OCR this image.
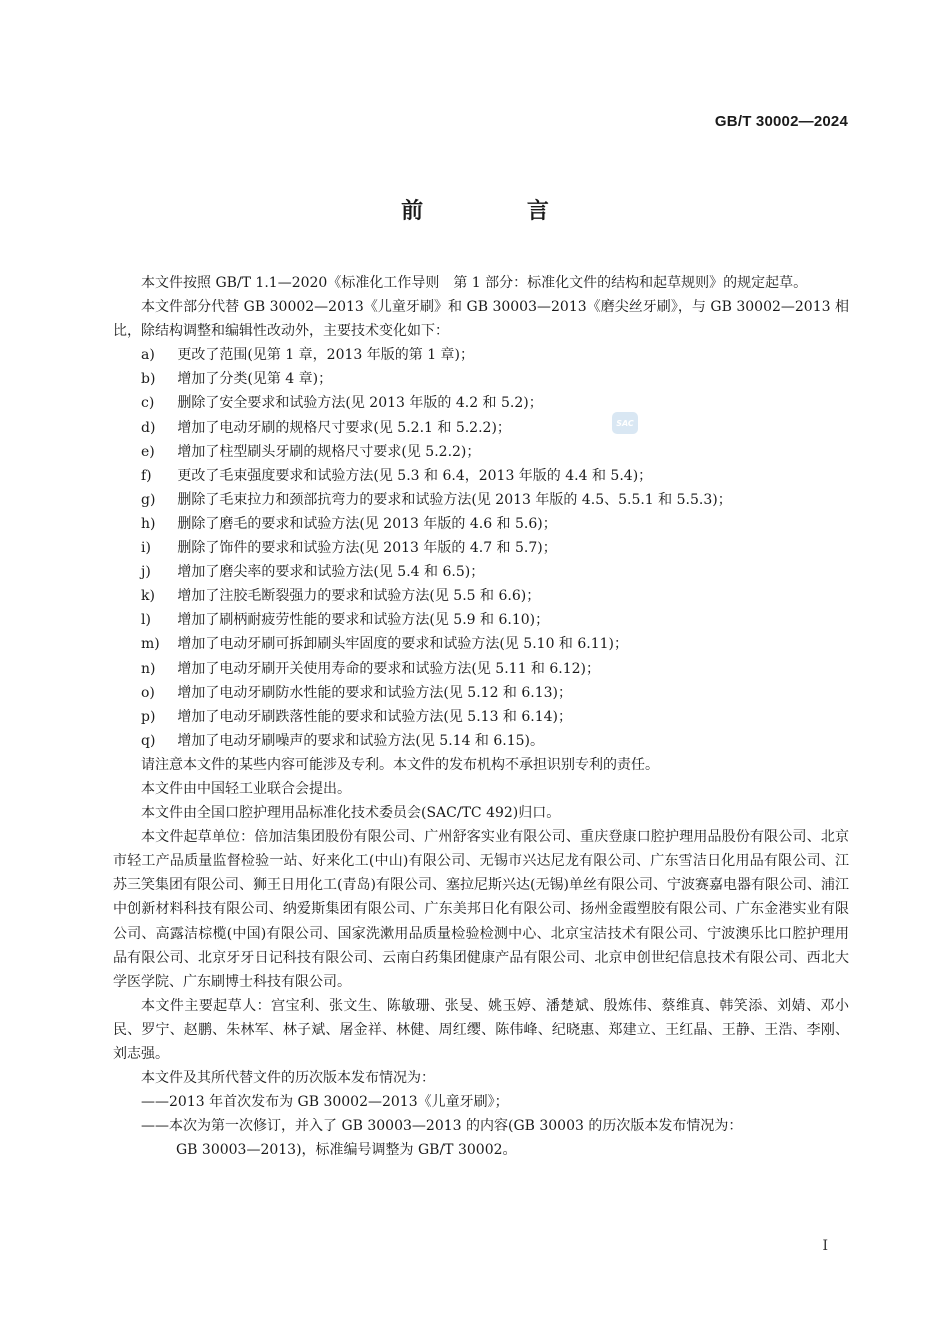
GB/T 30002—2024
前 言
SAC

本文件按照 GB/T 1.1—2020《标准化工作导则　第 1 部分：标准化文件的结构和起草规则》的规定起草。

本文件部分代替 GB 30002—2013《儿童牙刷》和 GB 30003—2013《磨尖丝牙刷》，与 GB 30002—2013 相比，除结构调整和编辑性改动外，主要技术变化如下：

a)	更改了范围(见第 1 章，2013 年版的第 1 章)；
b)	增加了分类(见第 4 章)；
c)	删除了安全要求和试验方法(见 2013 年版的 4.2 和 5.2)；
d)	增加了电动牙刷的规格尺寸要求(见 5.2.1 和 5.2.2)；
e)	增加了柱型刷头牙刷的规格尺寸要求(见 5.2.2)；
f)	更改了毛束强度要求和试验方法(见 5.3 和 6.4，2013 年版的 4.4 和 5.4)；
g)	删除了毛束拉力和颈部抗弯力的要求和试验方法(见 2013 年版的 4.5、5.5.1 和 5.5.3)；
h)	删除了磨毛的要求和试验方法(见 2013 年版的 4.6 和 5.6)；
i)	删除了饰件的要求和试验方法(见 2013 年版的 4.7 和 5.7)；
j)	增加了磨尖率的要求和试验方法(见 5.4 和 6.5)；
k)	增加了注胶毛断裂强力的要求和试验方法(见 5.5 和 6.6)；
l)	增加了刷柄耐疲劳性能的要求和试验方法(见 5.9 和 6.10)；
m)	增加了电动牙刷可拆卸刷头牢固度的要求和试验方法(见 5.10 和 6.11)；
n)	增加了电动牙刷开关使用寿命的要求和试验方法(见 5.11 和 6.12)；
o)	增加了电动牙刷防水性能的要求和试验方法(见 5.12 和 6.13)；
p)	增加了电动牙刷跌落性能的要求和试验方法(见 5.13 和 6.14)；
q)	增加了电动牙刷噪声的要求和试验方法(见 5.14 和 6.15)。

请注意本文件的某些内容可能涉及专利。本文件的发布机构不承担识别专利的责任。

本文件由中国轻工业联合会提出。

本文件由全国口腔护理用品标准化技术委员会(SAC/TC 492)归口。

本文件起草单位：倍加洁集团股份有限公司、广州舒客实业有限公司、重庆登康口腔护理用品股份有限公司、北京市轻工产品质量监督检验一站、好来化工(中山)有限公司、无锡市兴达尼龙有限公司、广东雪洁日化用品有限公司、江苏三笑集团有限公司、狮王日用化工(青岛)有限公司、塞拉尼斯兴达(无锡)单丝有限公司、宁波赛嘉电器有限公司、浦江中创新材料科技有限公司、纳爱斯集团有限公司、广东美邦日化有限公司、扬州金霞塑胶有限公司、广东金港实业有限公司、高露洁棕榄(中国)有限公司、国家洗漱用品质量检验检测中心、北京宝洁技术有限公司、宁波澳乐比口腔护理用品有限公司、北京牙牙日记科技有限公司、云南白药集团健康产品有限公司、北京申创世纪信息技术有限公司、西北大学医学院、广东刷博士科技有限公司。

本文件主要起草人：宫宝利、张文生、陈敏珊、张旻、姚玉婷、潘楚斌、殷炼伟、蔡维真、韩笑添、刘婧、邓小民、罗宁、赵鹏、朱林军、林子斌、屠金祥、林健、周红缨、陈伟峰、纪晓惠、郑建立、王红晶、王静、王浩、李刚、刘志强。

本文件及其所代替文件的历次版本发布情况为：

——2013 年首次发布为 GB 30002—2013《儿童牙刷》；
——本次为第一次修订，并入了 GB 30003—2013 的内容(GB 30003 的历次版本发布情况为：
GB 30003—2013)，标准编号调整为 GB/T 30002。
Ⅰ
